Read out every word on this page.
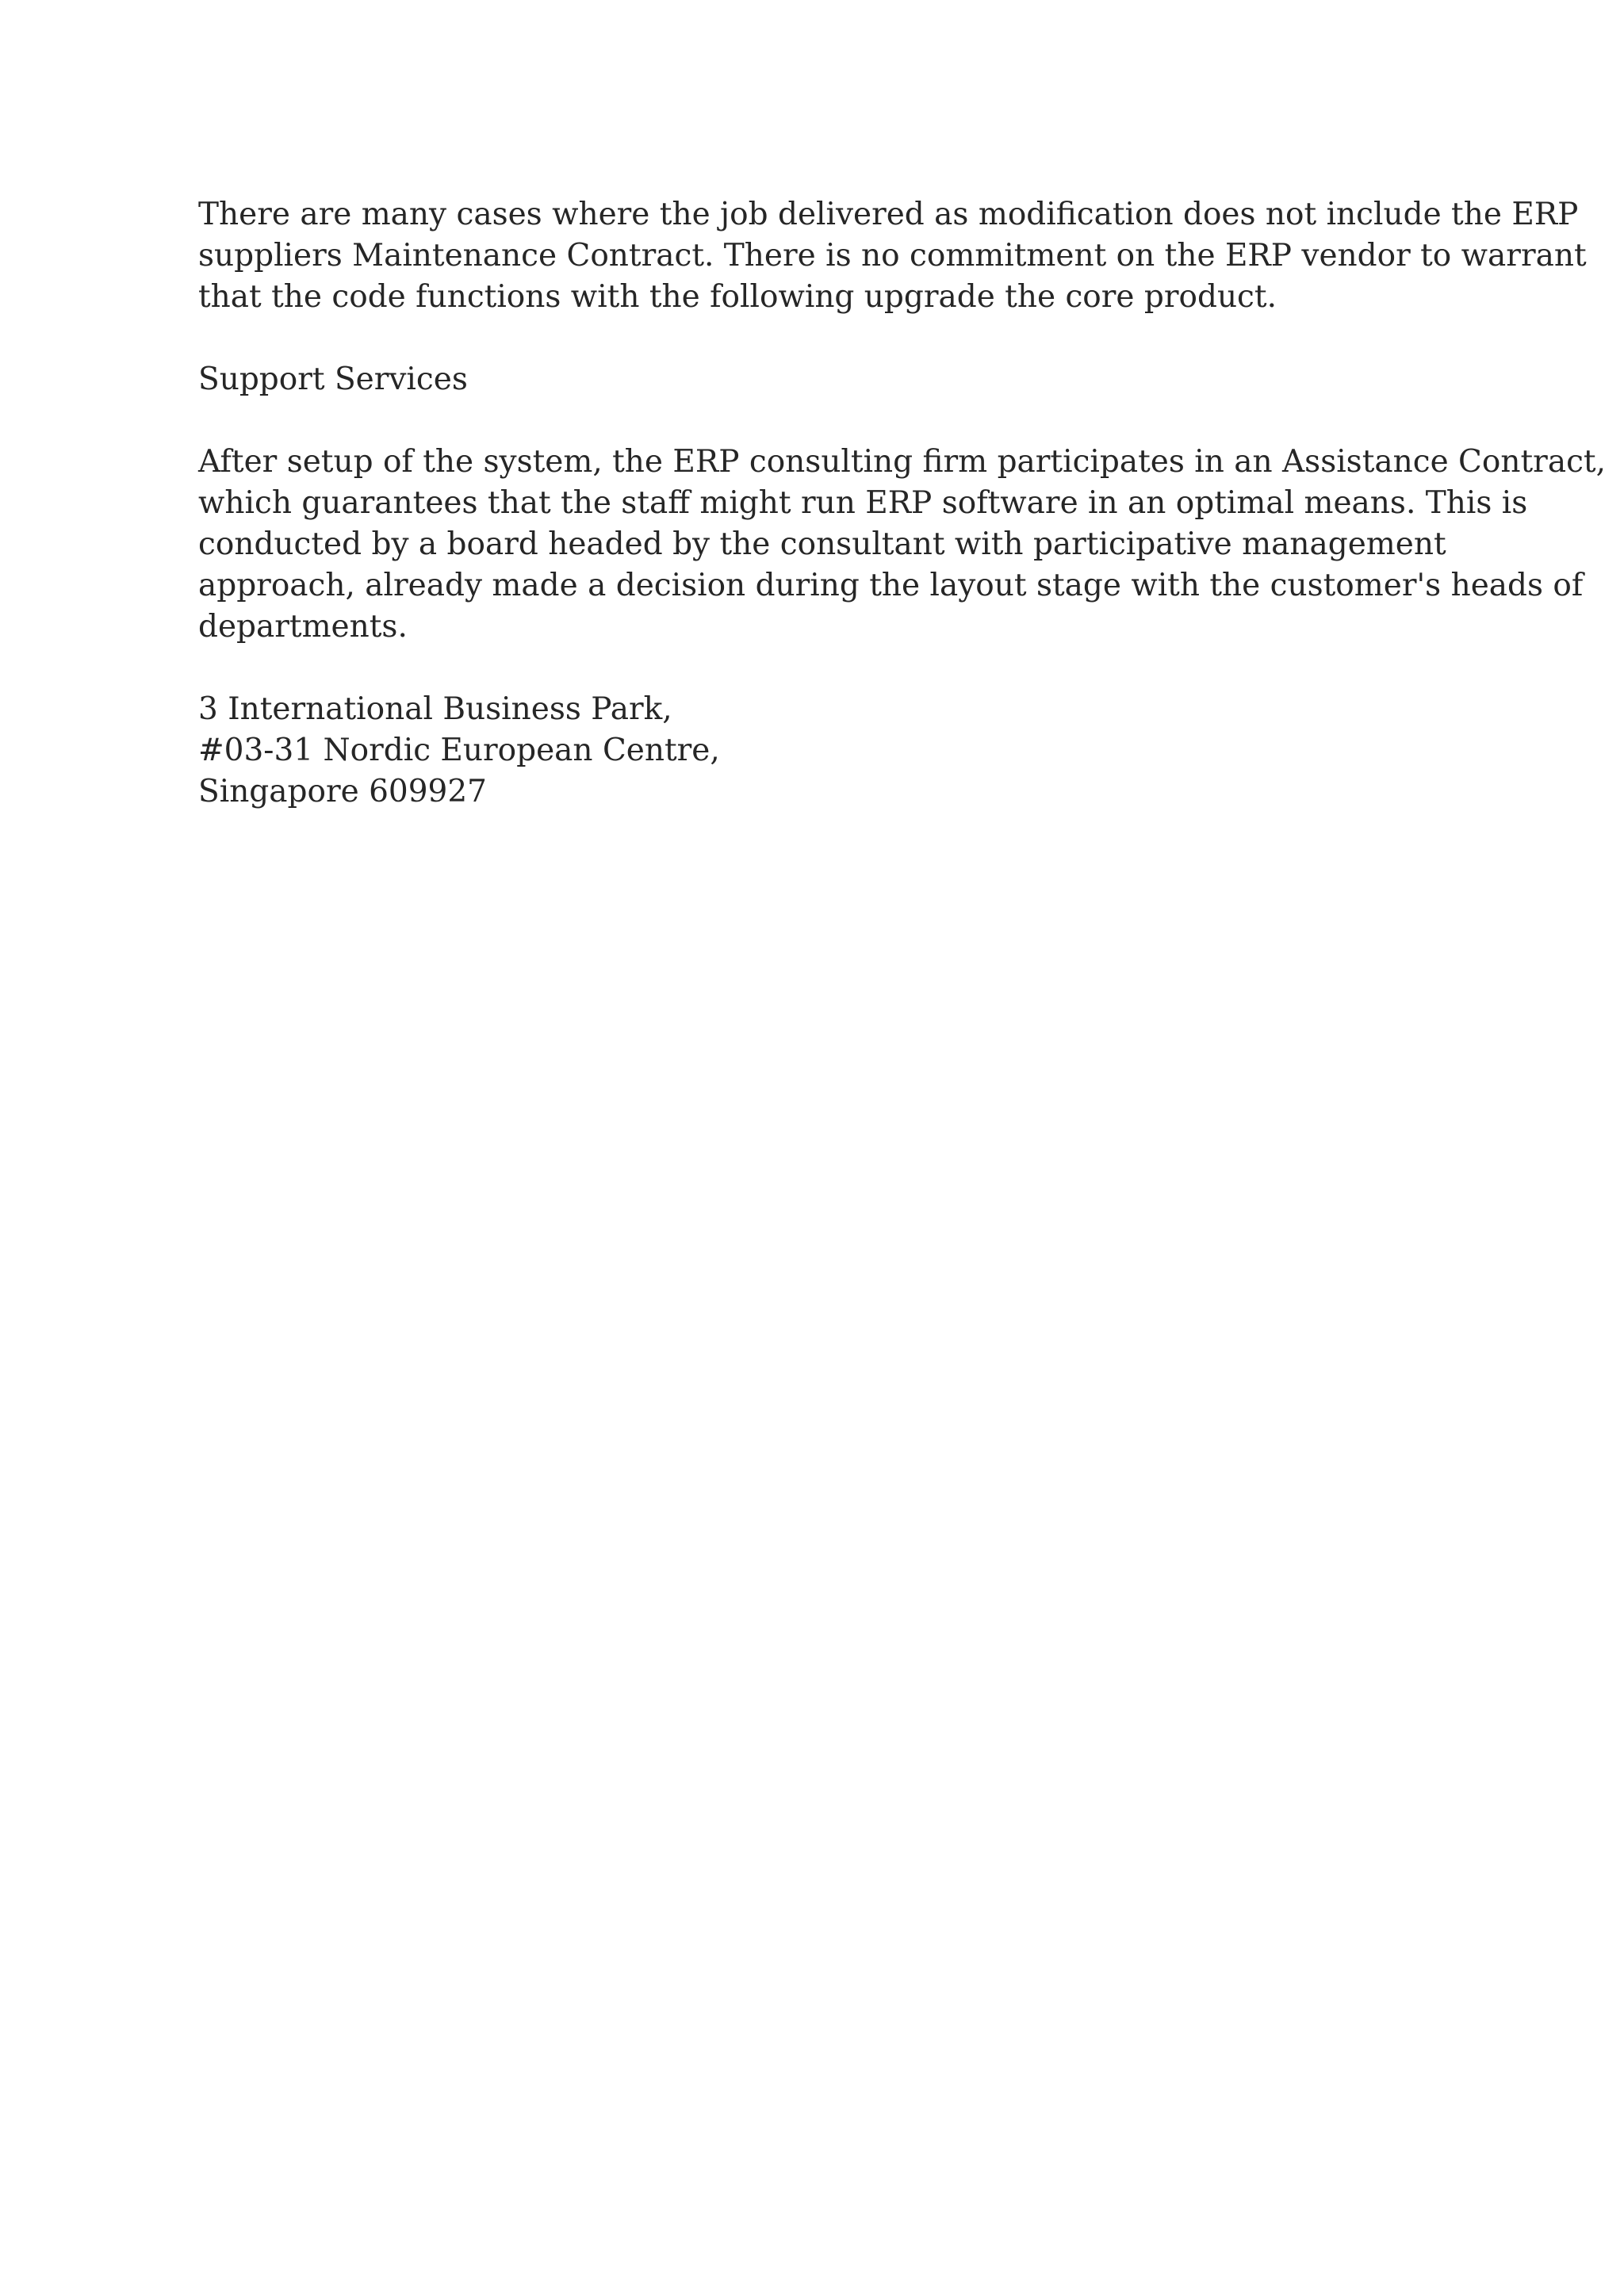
There are many cases where the job delivered as modification does not include the ERP
suppliers Maintenance Contract. There is no commitment on the ERP vendor to warrant
that the code functions with the following upgrade the core product.

Support Services

After setup of the system, the ERP consulting firm participates in an Assistance Contract,
which guarantees that the staff might run ERP software in an optimal means. This is
conducted by a board headed by the consultant with participative management
approach, already made a decision during the layout stage with the customer's heads of
departments.

3 International Business Park,
#03-31 Nordic European Centre,
Singapore 609927
